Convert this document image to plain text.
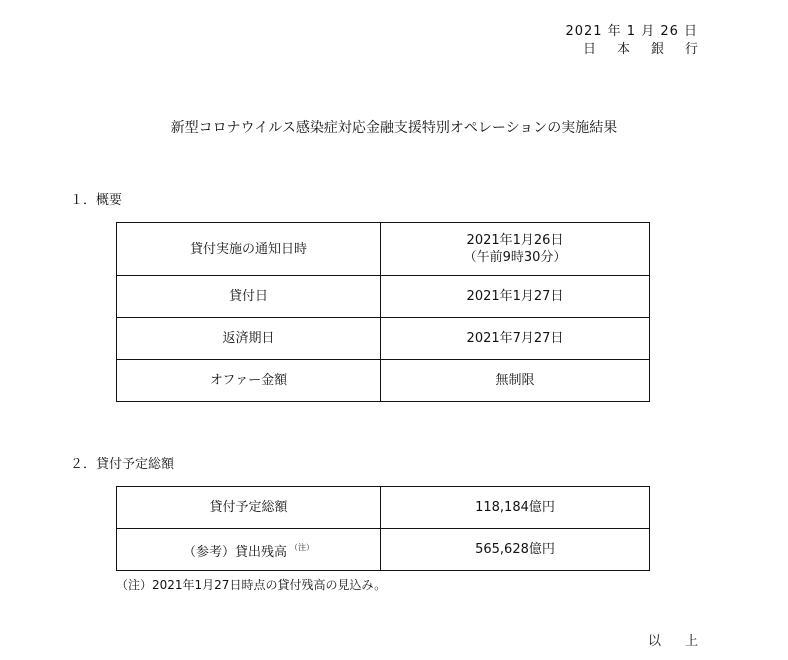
2021 年 1 月 26 日
日本銀行
新型コロナウイルス感染症対応金融支援特別オペレーションの実施結果
１．概要
貸付実施の通知日時	2021年1月26日
（午前9時30分）

貸付日	2021年1月27日
返済期日	2021年7月27日
オファー金額	無制限
２．貸付予定総額
貸付予定総額	118,184億円
（参考）貸出残高 $^{(注)}$	565,628億円
（注）2021年1月27日時点の貸付残高の見込み。
以上
